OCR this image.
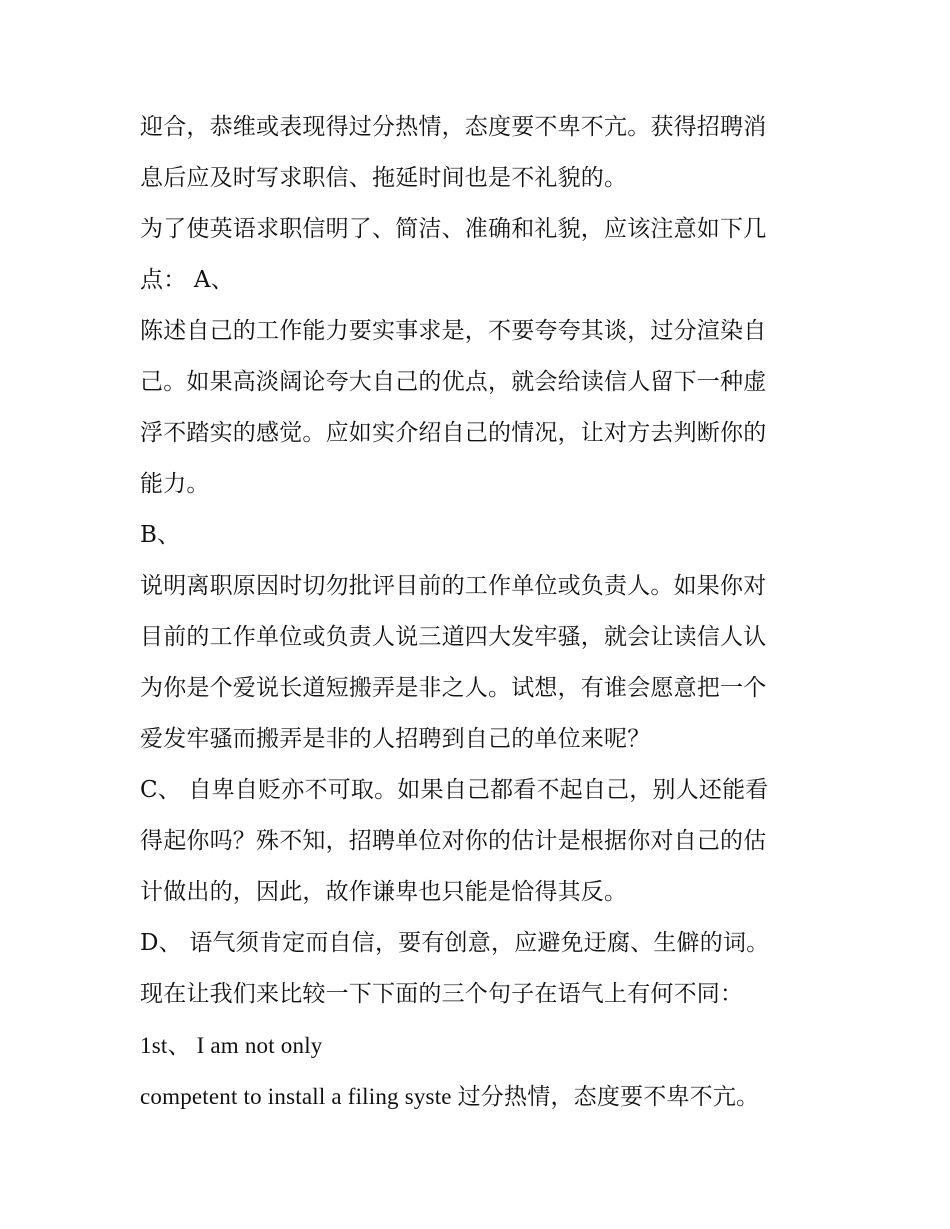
迎合，恭维或表现得过分热情，态度要不卑不亢。获得招聘消
息后应及时写求职信、拖延时间也是不礼貌的。
为了使英语求职信明了、简洁、准确和礼貌，应该注意如下几
点： A、
陈述自己的工作能力要实事求是，不要夸夸其谈，过分渲染自
己。如果高淡阔论夸大自己的优点，就会给读信人留下一种虚
浮不踏实的感觉。应如实介绍自己的情况，让对方去判断你的
能力。
B、
说明离职原因时切勿批评目前的工作单位或负责人。如果你对
目前的工作单位或负责人说三道四大发牢骚，就会让读信人认
为你是个爱说长道短搬弄是非之人。试想，有谁会愿意把一个
爱发牢骚而搬弄是非的人招聘到自己的单位来呢？
C、 自卑自贬亦不可取。如果自己都看不起自己，别人还能看
得起你吗？殊不知，招聘单位对你的估计是根据你对自己的估
计做出的，因此，故作谦卑也只能是恰得其反。
D、 语气须肯定而自信，要有创意，应避免迂腐、生僻的词。
现在让我们来比较一下下面的三个句子在语气上有何不同：
1st、 I am not only
competent to install a filing syste 过分热情，态度要不卑不亢。
